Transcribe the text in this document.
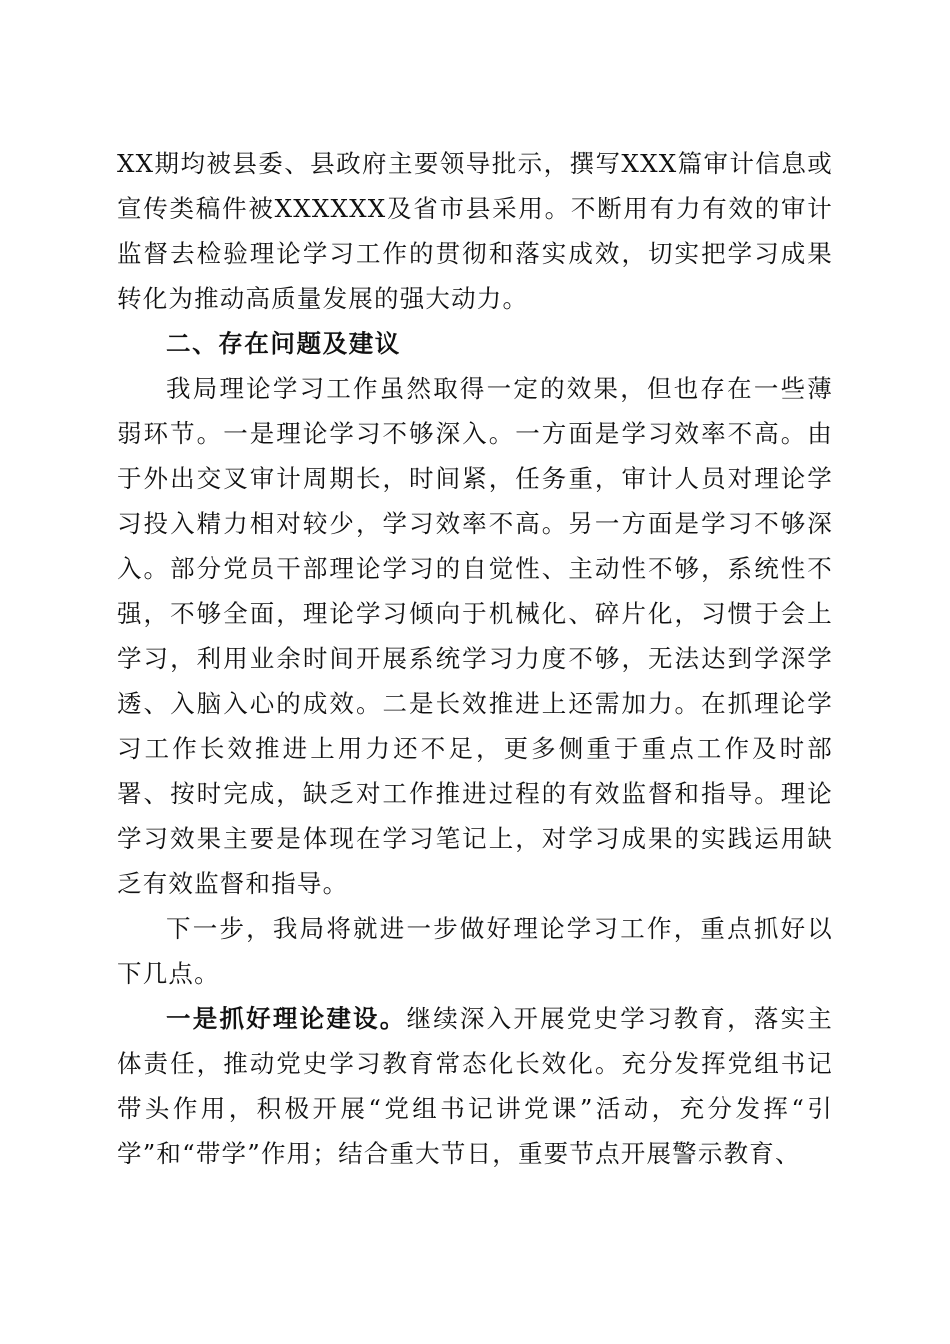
XX期均被县委、县政府主要领导批示，撰写XXX篇审计信息或宣传类稿件被XXXXXX及省市县采用。不断用有力有效的审计监督去检验理论学习工作的贯彻和落实成效，切实把学习成果转化为推动高质量发展的强大动力。

二、存在问题及建议

我局理论学习工作虽然取得一定的效果，但也存在一些薄弱环节。一是理论学习不够深入。一方面是学习效率不高。由于外出交叉审计周期长，时间紧，任务重，审计人员对理论学习投入精力相对较少，学习效率不高。另一方面是学习不够深入。部分党员干部理论学习的自觉性、主动性不够，系统性不强，不够全面，理论学习倾向于机械化、碎片化，习惯于会上学习，利用业余时间开展系统学习力度不够，无法达到学深学透、入脑入心的成效。二是长效推进上还需加力。在抓理论学习工作长效推进上用力还不足，更多侧重于重点工作及时部署、按时完成，缺乏对工作推进过程的有效监督和指导。理论学习效果主要是体现在学习笔记上，对学习成果的实践运用缺乏有效监督和指导。

下一步，我局将就进一步做好理论学习工作，重点抓好以下几点。

一是抓好理论建设。继续深入开展党史学习教育，落实主体责任，推动党史学习教育常态化长效化。充分发挥党组书记带头作用，积极开展“党组书记讲党课”活动，充分发挥“引学”和“带学”作用；结合重大节日，重要节点开展警示教育、
